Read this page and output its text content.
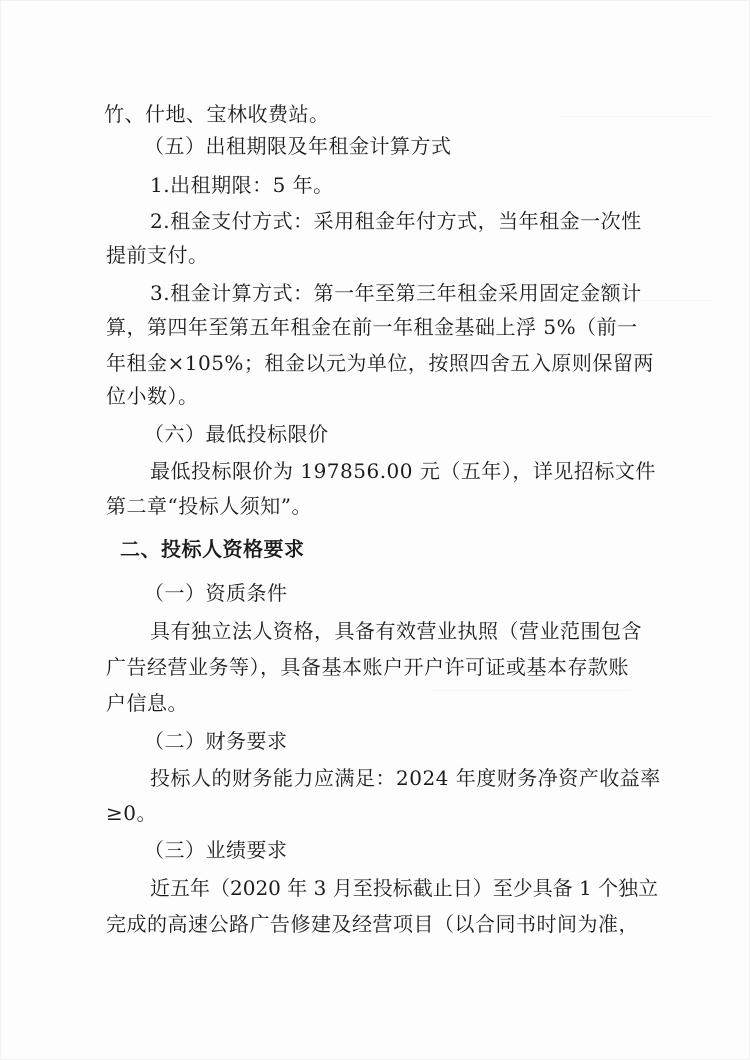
竹、什地、宝林收费站。
（五）出租期限及年租金计算方式
1.出租期限：5 年。
2.租金支付方式：采用租金年付方式，当年租金一次性
提前支付。
3.租金计算方式：第一年至第三年租金采用固定金额计
算，第四年至第五年租金在前一年租金基础上浮 5%（前一
年租金×105%；租金以元为单位，按照四舍五入原则保留两
位小数）。
（六）最低投标限价
最低投标限价为 197856.00 元（五年），详见招标文件
第二章“投标人须知”。
二、投标人资格要求
（一）资质条件
具有独立法人资格，具备有效营业执照（营业范围包含
广告经营业务等），具备基本账户开户许可证或基本存款账
户信息。
（二）财务要求
投标人的财务能力应满足：2024 年度财务净资产收益率
≥0。
（三）业绩要求
近五年（2020 年 3 月至投标截止日）至少具备 1 个独立
完成的高速公路广告修建及经营项目（以合同书时间为准，
